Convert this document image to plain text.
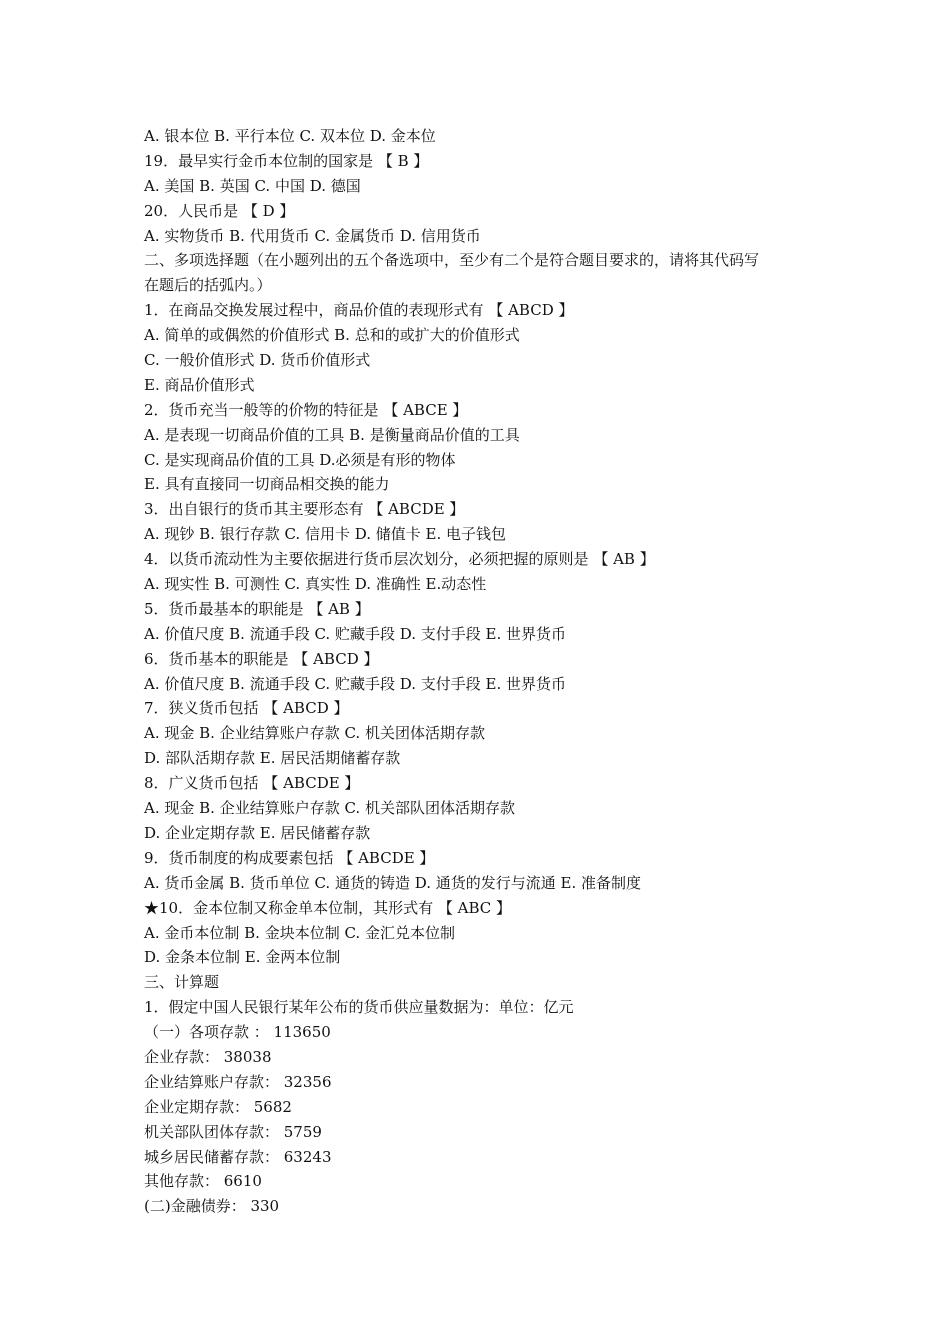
A. 银本位 B. 平行本位 C. 双本位 D. 金本位

19．最早实行金币本位制的国家是 【 B 】

A. 美国 B. 英国 C. 中国 D. 德国

20．人民币是 【 D 】

A. 实物货币 B. 代用货币 C. 金属货币 D. 信用货币

二、多项选择题（在小题列出的五个备选项中，至少有二个是符合题目要求的，请将其代码写

在题后的括弧内。）

1．在商品交换发展过程中，商品价值的表现形式有 【 ABCD 】

A. 简单的或偶然的价值形式 B. 总和的或扩大的价值形式

C. 一般价值形式 D. 货币价值形式

E. 商品价值形式

2．货币充当一般等的价物的特征是 【 ABCE 】

A. 是表现一切商品价值的工具 B. 是衡量商品价值的工具

C. 是实现商品价值的工具 D.必须是有形的物体

E. 具有直接同一切商品相交换的能力

3．出自银行的货币其主要形态有 【 ABCDE 】

A. 现钞 B. 银行存款 C. 信用卡 D. 储值卡 E. 电子钱包

4．以货币流动性为主要依据进行货币层次划分，必须把握的原则是 【 AB 】

A. 现实性 B. 可测性 C. 真实性 D. 准确性 E.动态性

5．货币最基本的职能是 【 AB 】

A. 价值尺度 B. 流通手段 C. 贮藏手段 D. 支付手段 E. 世界货币

6．货币基本的职能是 【 ABCD 】

A. 价值尺度 B. 流通手段 C. 贮藏手段 D. 支付手段 E. 世界货币

7．狭义货币包括 【 ABCD 】

A. 现金 B. 企业结算账户存款 C. 机关团体活期存款

D. 部队活期存款 E. 居民活期储蓄存款

8．广义货币包括 【 ABCDE 】

A. 现金 B. 企业结算账户存款 C. 机关部队团体活期存款

D. 企业定期存款 E. 居民储蓄存款

9．货币制度的构成要素包括 【 ABCDE 】

A. 货币金属 B. 货币单位 C. 通货的铸造 D. 通货的发行与流通 E. 准备制度

★10．金本位制又称金单本位制，其形式有 【 ABC 】

A. 金币本位制 B. 金块本位制 C. 金汇兑本位制

D. 金条本位制 E. 金两本位制

三、计算题

1．假定中国人民银行某年公布的货币供应量数据为：单位：亿元

（一）各项存款 ： 113650

企业存款： 38038

企业结算账户存款： 32356

企业定期存款： 5682

机关部队团体存款： 5759

城乡居民储蓄存款： 63243

其他存款： 6610

(二)金融债券： 330
